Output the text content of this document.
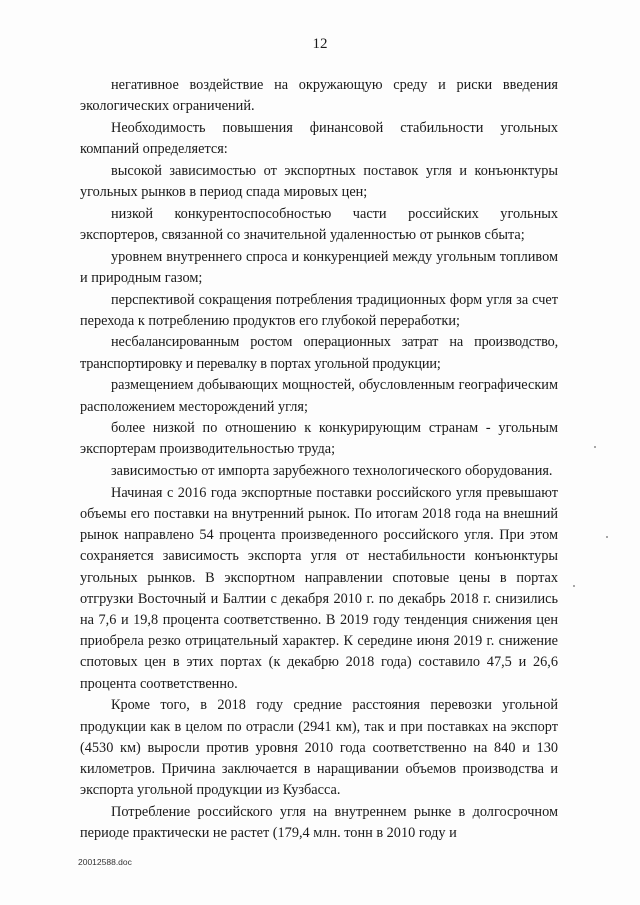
12

негативное воздействие на окружающую среду и риски введения экологических ограничений.

Необходимость повышения финансовой стабильности угольных компаний определяется:

высокой зависимостью от экспортных поставок угля и конъюнктуры угольных рынков в период спада мировых цен;

низкой конкурентоспособностью части российских угольных экспортеров, связанной со значительной удаленностью от рынков сбыта;

уровнем внутреннего спроса и конкуренцией между угольным топливом и природным газом;

перспективой сокращения потребления традиционных форм угля за счет перехода к потреблению продуктов его глубокой переработки;

несбалансированным ростом операционных затрат на производство, транспортировку и перевалку в портах угольной продукции;

размещением добывающих мощностей, обусловленным географическим расположением месторождений угля;

более низкой по отношению к конкурирующим странам - угольным экспортерам производительностью труда;

зависимостью от импорта зарубежного технологического оборудования.

Начиная с 2016 года экспортные поставки российского угля превышают объемы его поставки на внутренний рынок. По итогам 2018 года на внешний рынок направлено 54 процента произведенного российского угля. При этом сохраняется зависимость экспорта угля от нестабильности конъюнктуры угольных рынков. В экспортном направлении спотовые цены в портах отгрузки Восточный и Балтии с декабря 2010 г. по декабрь 2018 г. снизились на 7,6 и 19,8 процента соответственно. В 2019 году тенденция снижения цен приобрела резко отрицательный характер. К середине июня 2019 г. снижение спотовых цен в этих портах (к декабрю 2018 года) составило 47,5 и 26,6 процента соответственно.

Кроме того, в 2018 году средние расстояния перевозки угольной продукции как в целом по отрасли (2941 км), так и при поставках на экспорт (4530 км) выросли против уровня 2010 года соответственно на 840 и 130 километров. Причина заключается в наращивании объемов производства и экспорта угольной продукции из Кузбасса.

Потребление российского угля на внутреннем рынке в долгосрочном периоде практически не растет (179,4 млн. тонн в 2010 году и

20012588.doc
